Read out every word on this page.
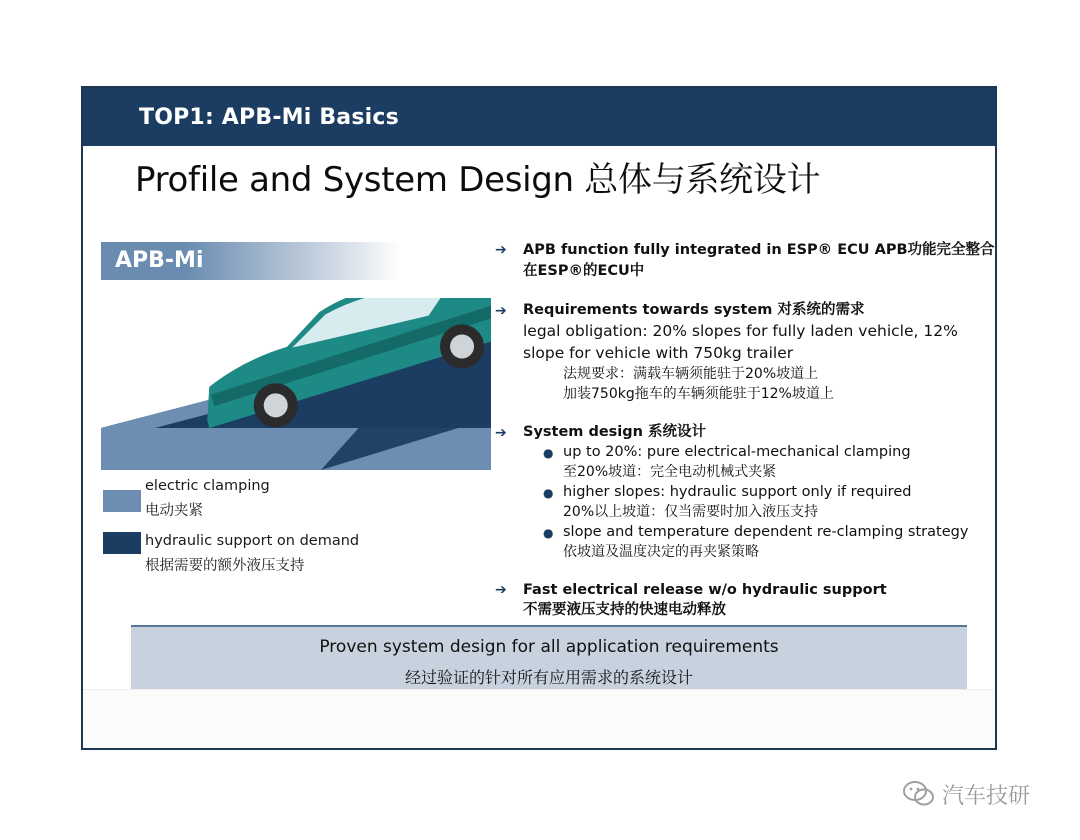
TOP1: APB-Mi Basics
Profile and System Design 总体与系统设计
APB-Mi
electric clamping
电动夹紧
hydraulic support on demand
根据需要的额外液压支持
➔ APB function fully integrated in ESP® ECU APB功能完全整合
在ESP®的ECU中
➔ Requirements towards system 对系统的需求
legal obligation: 20% slopes for fully laden vehicle, 12%
slope for vehicle with 750kg trailer
法规要求：满载车辆须能驻于20%坡道上
加装750kg拖车的车辆须能驻于12%坡道上
➔ System design 系统设计
● up to 20%: pure electrical-mechanical clamping
至20%坡道：完全电动机械式夹紧
● higher slopes: hydraulic support only if required
20%以上坡道：仅当需要时加入液压支持
● slope and temperature dependent re-clamping strategy
依坡道及温度决定的再夹紧策略
➔ Fast electrical release w/o hydraulic support
不需要液压支持的快速电动释放
Proven system design for all application requirements
经过验证的针对所有应用需求的系统设计
汽车技研
